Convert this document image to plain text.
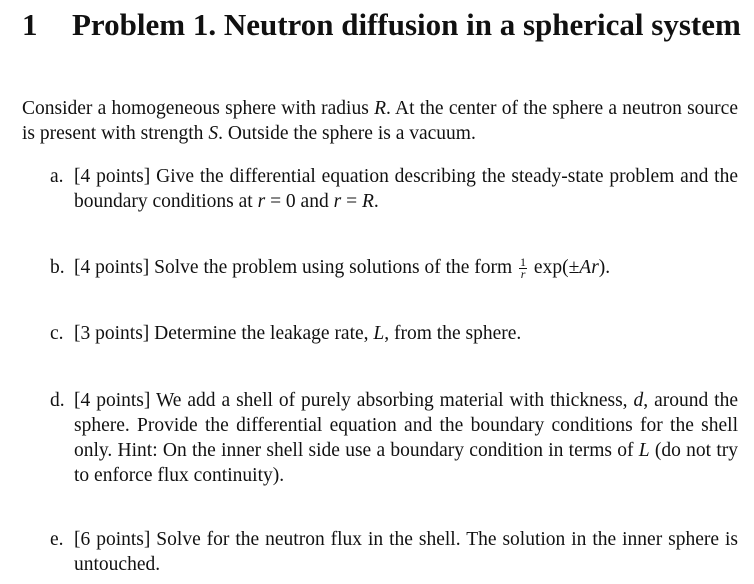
1 Problem 1. Neutron diffusion in a spherical system

Consider a homogeneous sphere with radius R. At the center of the sphere a neutron source is present with strength S. Outside the sphere is a vacuum.

a. [4 points] Give the differential equation describing the steady-state problem and the boundary conditions at r = 0 and r = R.
b. [4 points] Solve the problem using solutions of the form $\frac{1}{r} \exp(\pm Ar)$.
c. [3 points] Determine the leakage rate, L, from the sphere.
d. [4 points] We add a shell of purely absorbing material with thickness, d, around the sphere. Provide the differential equation and the boundary conditions for the shell only. Hint: On the inner shell side use a boundary condition in terms of L (do not try to enforce flux continuity).
e. [6 points] Solve for the neutron flux in the shell. The solution in the inner sphere is untouched.
